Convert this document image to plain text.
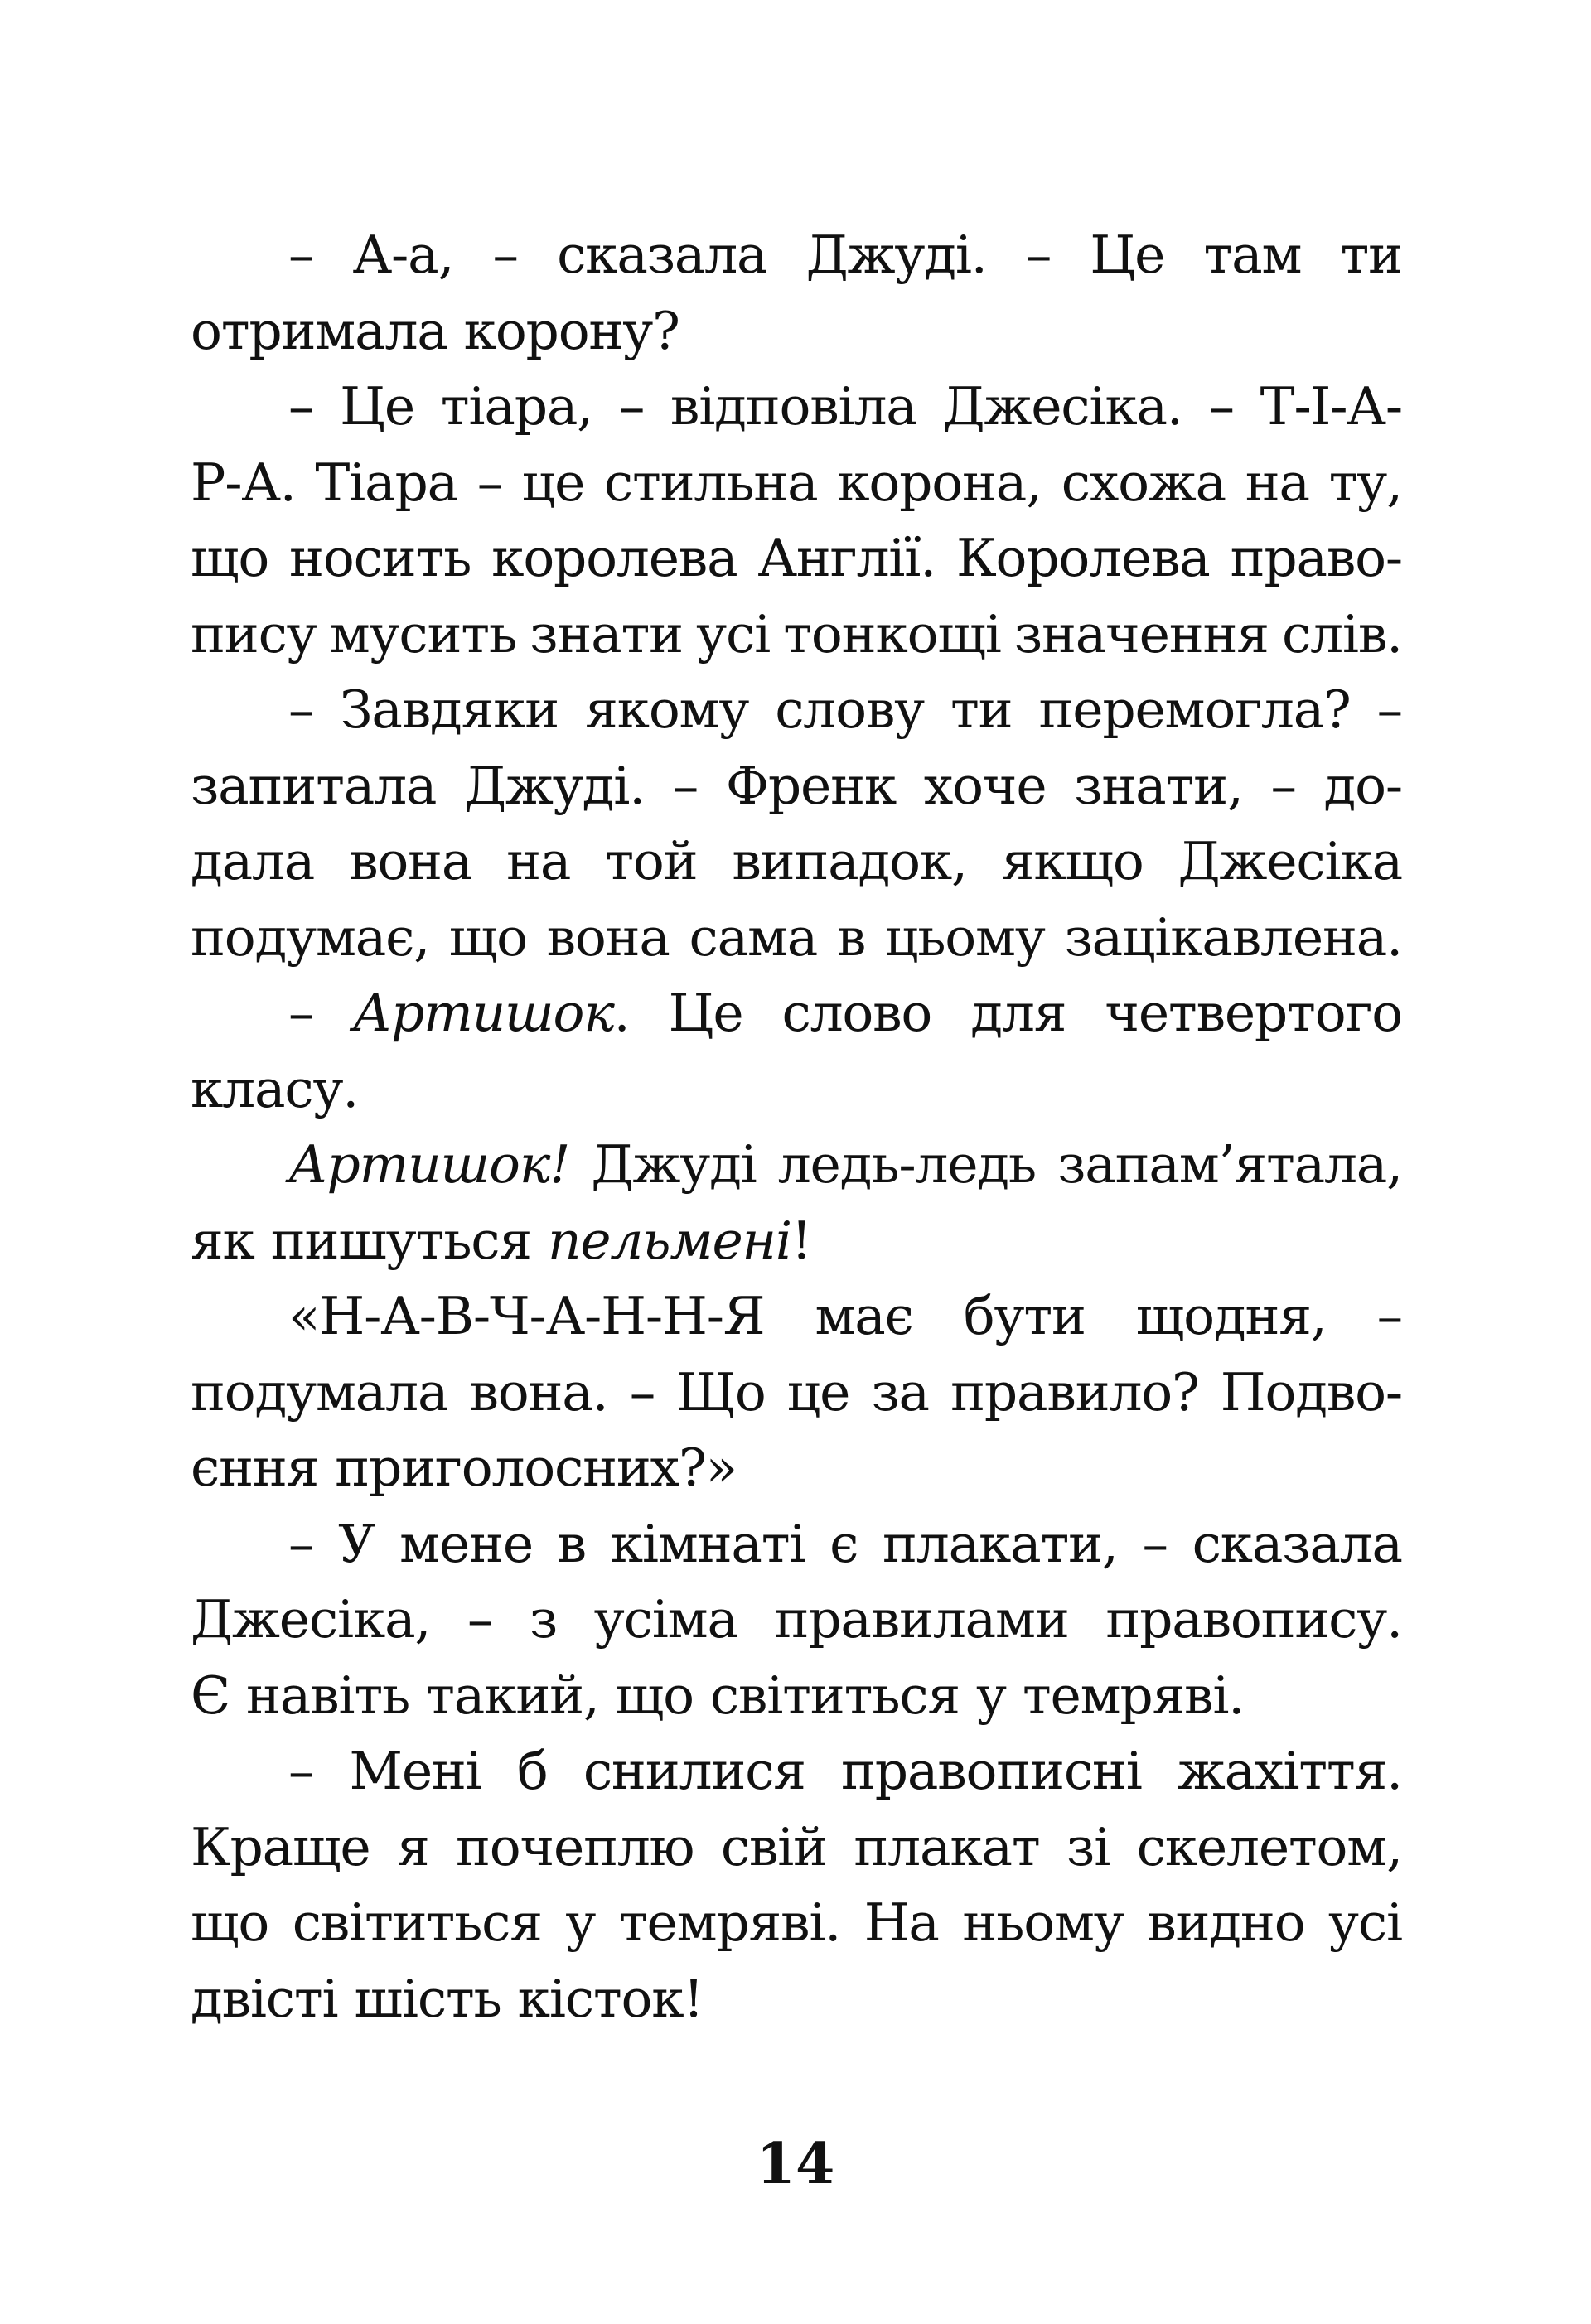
– А-а, – сказала Джуді. – Це там ти
отримала корону?
– Це тіара, – відповіла Джесіка. – Т-І-А-
Р-А. Тіара – це стильна корона, схожа на ту,
що носить королева Англії. Королева право-
пису мусить знати усі тонкощі значення слів.
– Завдяки якому слову ти перемогла? –
запитала Джуді. – Френк хоче знати, – до-
дала вона на той випадок, якщо Джесіка
подумає, що вона сама в цьому зацікавлена.
– Артишок. Це слово для четвертого
класу.
Артишок! Джуді ледь-ледь запам’ятала,
як пишуться пельмені!
«Н-А-В-Ч-А-Н-Н-Я має бути щодня, –
подумала вона. – Що це за правило? Подво-
єння приголосних?»
– У мене в кімнаті є плакати, – сказала
Джесіка, – з усіма правилами правопису.
Є навіть такий, що світиться у темряві.
– Мені б снилися правописні жахіття.
Краще я почеплю свій плакат зі скелетом,
що світиться у темряві. На ньому видно усі
двісті шість кісток!
14
